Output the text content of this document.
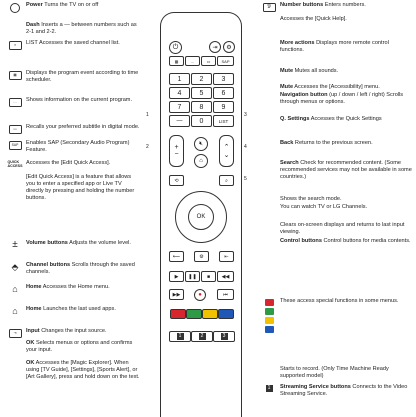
Power Turns the TV on or off
Dash Inserts a — between numbers such as 2-1 and 2-2.
≡	LIST Accesses the saved channel list.
▦	Displays the program event according to time scheduler.
…	Shows information on the current program.
▭	Recalls your preferred subtitle in digital mode.
SAP	Enables SAP (Secondary Audio Program) Feature.
QUICK
ACCESS Accesses the [Edit Quick Access].
[Edit Quick Access] is a feature that allows you to enter a specified app or Live TV directly by pressing and holding the number buttons.
± Volume buttons Adjusts the volume level.
⬘ Channel buttons Scrolls through the saved channels.
⌂ Home Accesses the Home menu.
⌂ Home Launches the last used apps.
⇥	Input Changes the input source.
OK Selects menus or options and confirms your input.
OK Accesses the [Magic Explorer]. When using [TV Guide], [Settings], [Sports Alert], or [Art Gallery], press and hold down on the text.
⏻	⇥	⚙
1	2	3
4	5	6
7	8	9
—	0	LIST
▦	…	▭	SAP
+
−
🔇︎
⌃
⌄
⌂
⟲	⌕
OK
⟵	⇤
⚙
▶	❚❚	■	◀◀
▶▶	●	⏮
1	2	3
1
2
3
4
5
9	Number buttons Enters numbers.
Accesses the [Quick Help].
More actions Displays more remote control functions.
Mute Mutes all sounds.
Mute Accesses the [Accessibility] menu.
Navigation button (up / down / left / right) Scrolls through menus or options.
Q. Settings Accesses the Quick Settings
Back Returns to the previous screen.
Search Check for recommended content. (Some recommended services may not be available in some countries.)
Shows the search mode.
You can watch TV or LG Channels.
Clears on-screen displays and returns to last input viewing.
Control buttons Control buttons for media contents.
These access special functions in some menus.
Starts to record. (Only Time Machine Ready supported model)
1	Streaming Service buttons Connects to the Video Streaming Service.
